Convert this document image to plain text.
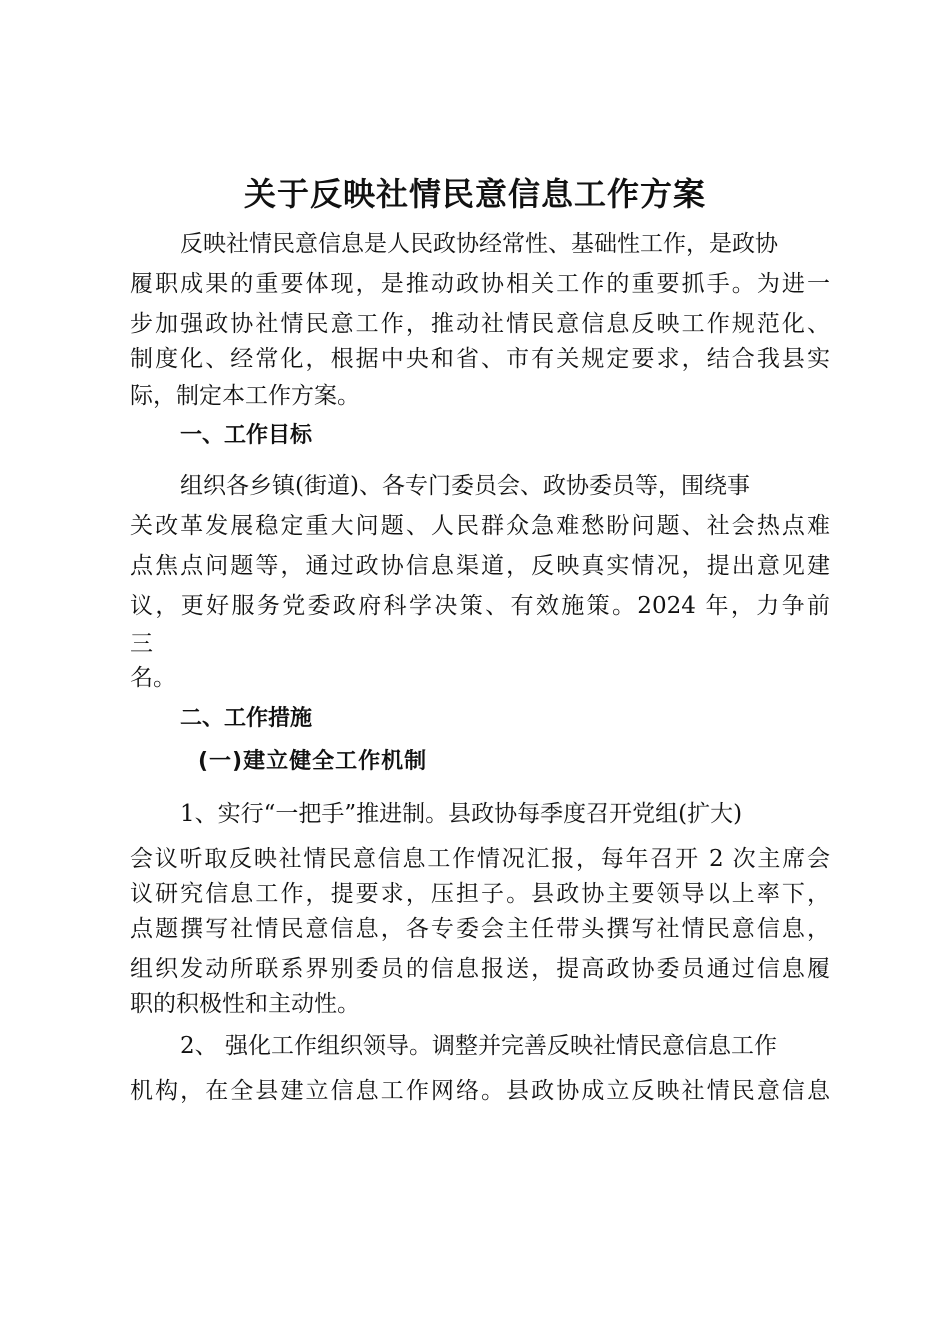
关于反映社情民意信息工作方案
反映社情民意信息是人民政协经常性、基础性工作，是政协
履职成果的重要体现，是推动政协相关工作的重要抓手。为进一
步加强政协社情民意工作，推动社情民意信息反映工作规范化、
制度化、经常化，根据中央和省、市有关规定要求，结合我县实
际，制定本工作方案。
一、工作目标
组织各乡镇(街道)、各专门委员会、政协委员等，围绕事
关改革发展稳定重大问题、人民群众急难愁盼问题、社会热点难
点焦点问题等，通过政协信息渠道，反映真实情况，提出意见建
议，更好服务党委政府科学决策、有效施策。2024 年，力争前
三
名。
二、工作措施
(一)建立健全工作机制
1、实行“一把手”推进制。县政协每季度召开党组(扩大)
会议听取反映社情民意信息工作情况汇报，每年召开 2 次主席会
议研究信息工作，提要求，压担子。县政协主要领导以上率下，
点题撰写社情民意信息，各专委会主任带头撰写社情民意信息，
组织发动所联系界别委员的信息报送，提高政协委员通过信息履
职的积极性和主动性。
2、 强化工作组织领导。调整并完善反映社情民意信息工作
机构，在全县建立信息工作网络。县政协成立反映社情民意信息
